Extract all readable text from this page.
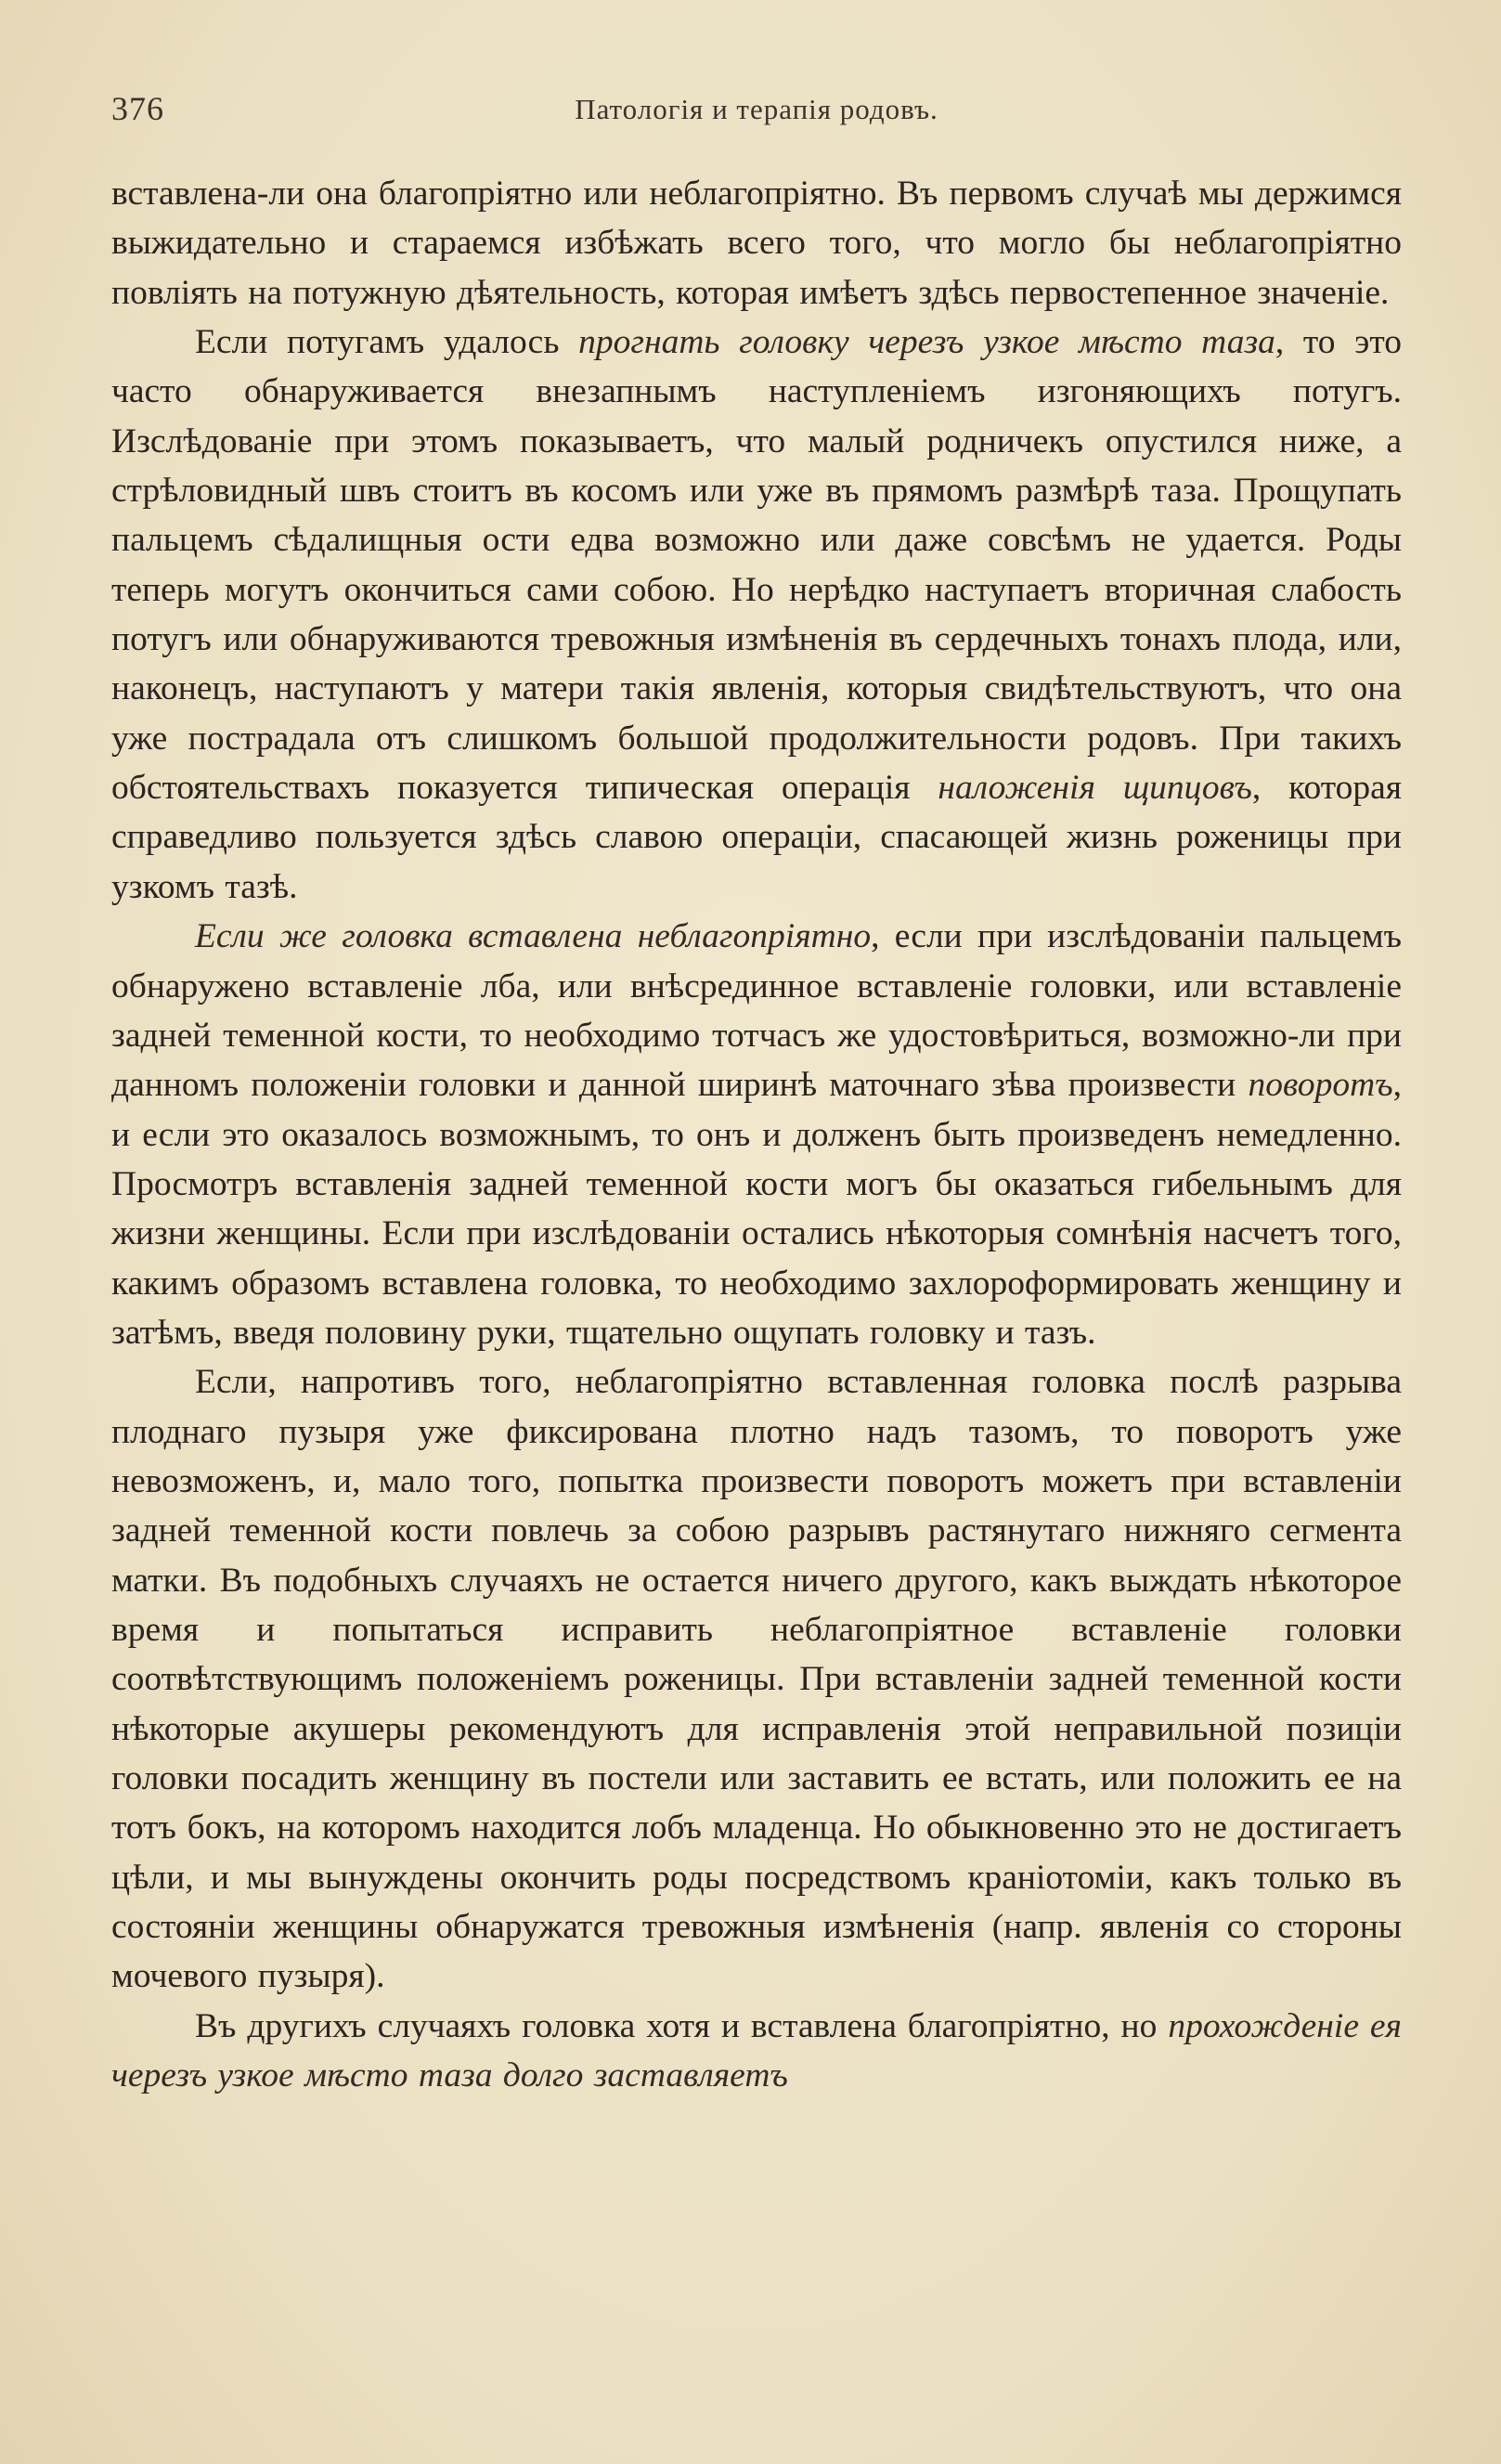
376	Патологія и терапія родовъ.

вставлена-ли она благопріятно или неблагопріятно. Въ первомъ случаѣ мы держимся выжидательно и стараемся избѣжать всего того, что могло бы неблагопріятно повліять на потужную дѣятельность, которая имѣетъ здѣсь первостепенное значеніе.

Если потугамъ удалось прогнать головку черезъ узкое мѣсто таза, то это часто обнаруживается внезапнымъ наступленіемъ изгоняющихъ потугъ. Изслѣдованіе при этомъ показываетъ, что малый родничекъ опустился ниже, а стрѣловидный швъ стоитъ въ косомъ или уже въ прямомъ размѣрѣ таза. Прощупать пальцемъ сѣдалищныя ости едва возможно или даже совсѣмъ не удается. Роды теперь могутъ окончиться сами собою. Но нерѣдко наступаетъ вторичная слабость потугъ или обнаруживаются тревожныя измѣненія въ сердечныхъ тонахъ плода, или, наконецъ, наступаютъ у матери такія явленія, которыя свидѣтельствуютъ, что она уже пострадала отъ слишкомъ большой продолжительности родовъ. При такихъ обстоятельствахъ показуется типическая операція наложенія щипцовъ, которая справедливо пользуется здѣсь славою операціи, спасающей жизнь роженицы при узкомъ тазѣ.

Если же головка вставлена неблагопріятно, если при изслѣдованіи пальцемъ обнаружено вставленіе лба, или внѣсрединное вставленіе головки, или вставленіе задней теменной кости, то необходимо тотчасъ же удостовѣриться, возможно-ли при данномъ положеніи головки и данной ширинѣ маточнаго зѣва произвести поворотъ, и если это оказалось возможнымъ, то онъ и долженъ быть произведенъ немедленно. Просмотръ вставленія задней теменной кости могъ бы оказаться гибельнымъ для жизни женщины. Если при изслѣдованіи остались нѣкоторыя сомнѣнія насчетъ того, какимъ образомъ вставлена головка, то необходимо захлороформировать женщину и затѣмъ, введя половину руки, тщательно ощупать головку и тазъ.

Если, напротивъ того, неблагопріятно вставленная головка послѣ разрыва плоднаго пузыря уже фиксирована плотно надъ тазомъ, то поворотъ уже невозможенъ, и, мало того, попытка произвести поворотъ можетъ при вставленіи задней теменной кости повлечь за собою разрывъ растянутаго нижняго сегмента матки. Въ подобныхъ случаяхъ не остается ничего другого, какъ выждать нѣкоторое время и попытаться исправить неблагопріятное вставленіе головки соотвѣтствующимъ положеніемъ роженицы. При вставленіи задней теменной кости нѣкоторые акушеры рекомендуютъ для исправленія этой неправильной позиціи головки посадить женщину въ постели или заставить ее встать, или положить ее на тотъ бокъ, на которомъ находится лобъ младенца. Но обыкновенно это не достигаетъ цѣли, и мы вынуждены окончить роды посредствомъ краніотоміи, какъ только въ состояніи женщины обнаружатся тревожныя измѣненія (напр. явленія со стороны мочевого пузыря).

Въ другихъ случаяхъ головка хотя и вставлена благопріятно, но прохожденіе ея черезъ узкое мѣсто таза долго заставляетъ
